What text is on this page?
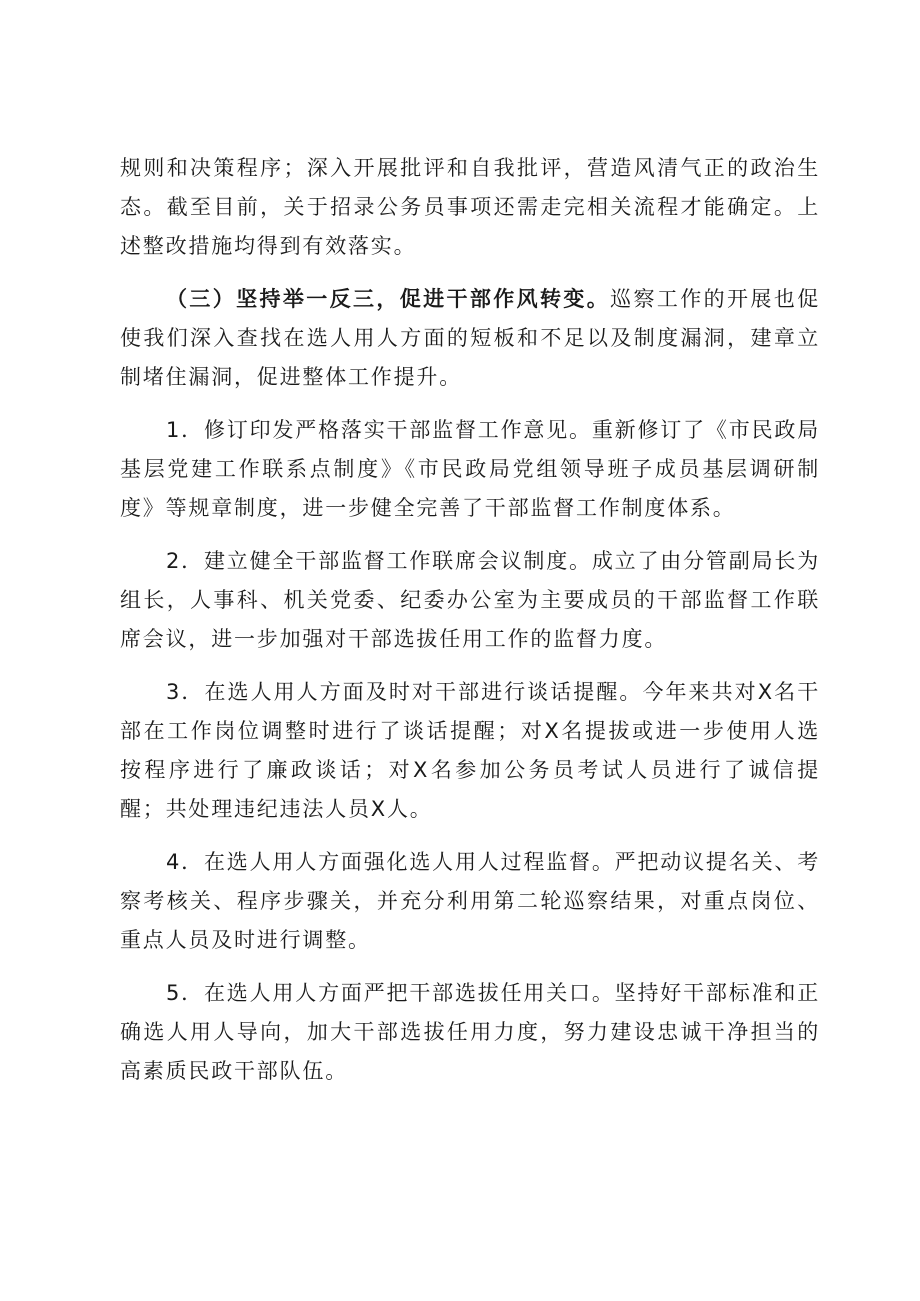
规则和决策程序；深入开展批评和自我批评，营造风清气正的政治生态。截至目前，关于招录公务员事项还需走完相关流程才能确定。上述整改措施均得到有效落实。

（三）坚持举一反三，促进干部作风转变。巡察工作的开展也促使我们深入查找在选人用人方面的短板和不足以及制度漏洞，建章立制堵住漏洞，促进整体工作提升。

1．修订印发严格落实干部监督工作意见。重新修订了《市民政局基层党建工作联系点制度》《市民政局党组领导班子成员基层调研制度》等规章制度，进一步健全完善了干部监督工作制度体系。

2．建立健全干部监督工作联席会议制度。成立了由分管副局长为组长，人事科、机关党委、纪委办公室为主要成员的干部监督工作联席会议，进一步加强对干部选拔任用工作的监督力度。

3．在选人用人方面及时对干部进行谈话提醒。今年来共对X名干部在工作岗位调整时进行了谈话提醒；对X名提拔或进一步使用人选按程序进行了廉政谈话；对X名参加公务员考试人员进行了诚信提醒；共处理违纪违法人员X人。

4．在选人用人方面强化选人用人过程监督。严把动议提名关、考察考核关、程序步骤关，并充分利用第二轮巡察结果，对重点岗位、重点人员及时进行调整。

5．在选人用人方面严把干部选拔任用关口。坚持好干部标准和正确选人用人导向，加大干部选拔任用力度，努力建设忠诚干净担当的高素质民政干部队伍。
